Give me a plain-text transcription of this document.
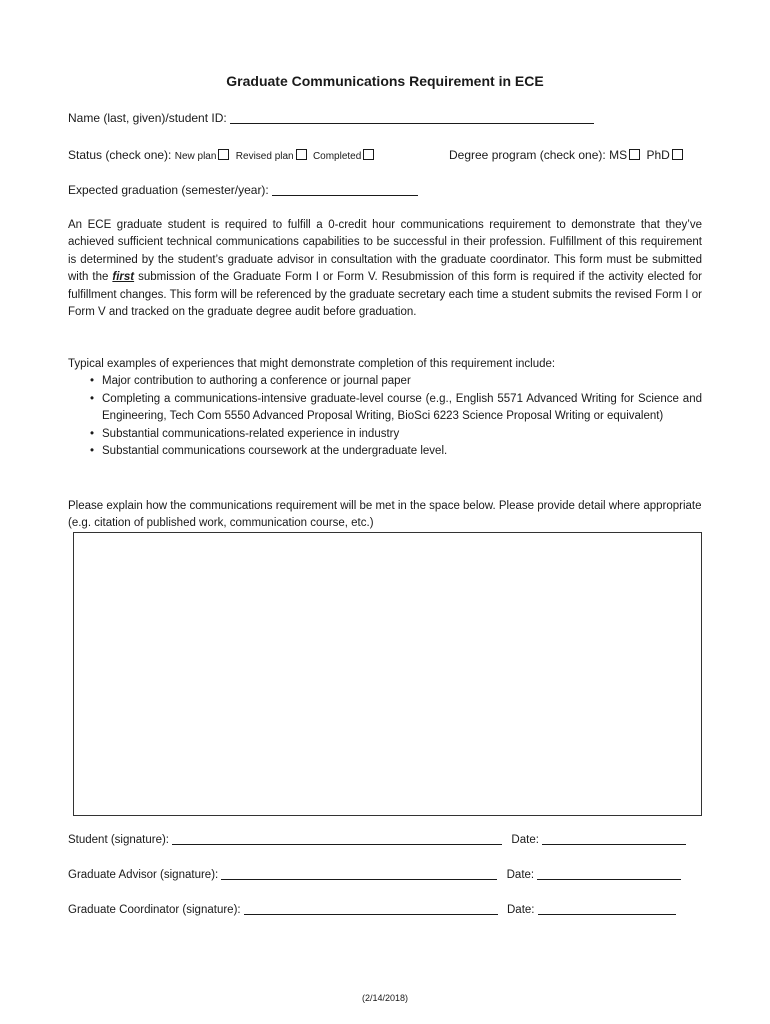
Graduate Communications Requirement in ECE
Name (last, given)/student ID:
Status (check one): New plan Revised plan Completed	Degree program (check one): MS PhD
Expected graduation (semester/year):
An ECE graduate student is required to fulfill a 0-credit hour communications requirement to demonstrate that they’ve achieved sufficient technical communications capabilities to be successful in their profession. Fulfillment of this requirement is determined by the student’s graduate advisor in consultation with the graduate coordinator. This form must be submitted with the first submission of the Graduate Form I or Form V. Resubmission of this form is required if the activity elected for fulfillment changes. This form will be referenced by the graduate secretary each time a student submits the revised Form I or Form V and tracked on the graduate degree audit before graduation.
Typical examples of experiences that might demonstrate completion of this requirement include:
• Major contribution to authoring a conference or journal paper
• Completing a communications-intensive graduate-level course (e.g., English 5571 Advanced Writing for Science and Engineering, Tech Com 5550 Advanced Proposal Writing, BioSci 6223 Science Proposal Writing or equivalent)
• Substantial communications-related experience in industry
• Substantial communications coursework at the undergraduate level.
Please explain how the communications requirement will be met in the space below. Please provide detail where appropriate (e.g. citation of published work, communication course, etc.)
Student (signature):	Date:
Graduate Advisor (signature):	Date:
Graduate Coordinator (signature):	Date:
(2/14/2018)
